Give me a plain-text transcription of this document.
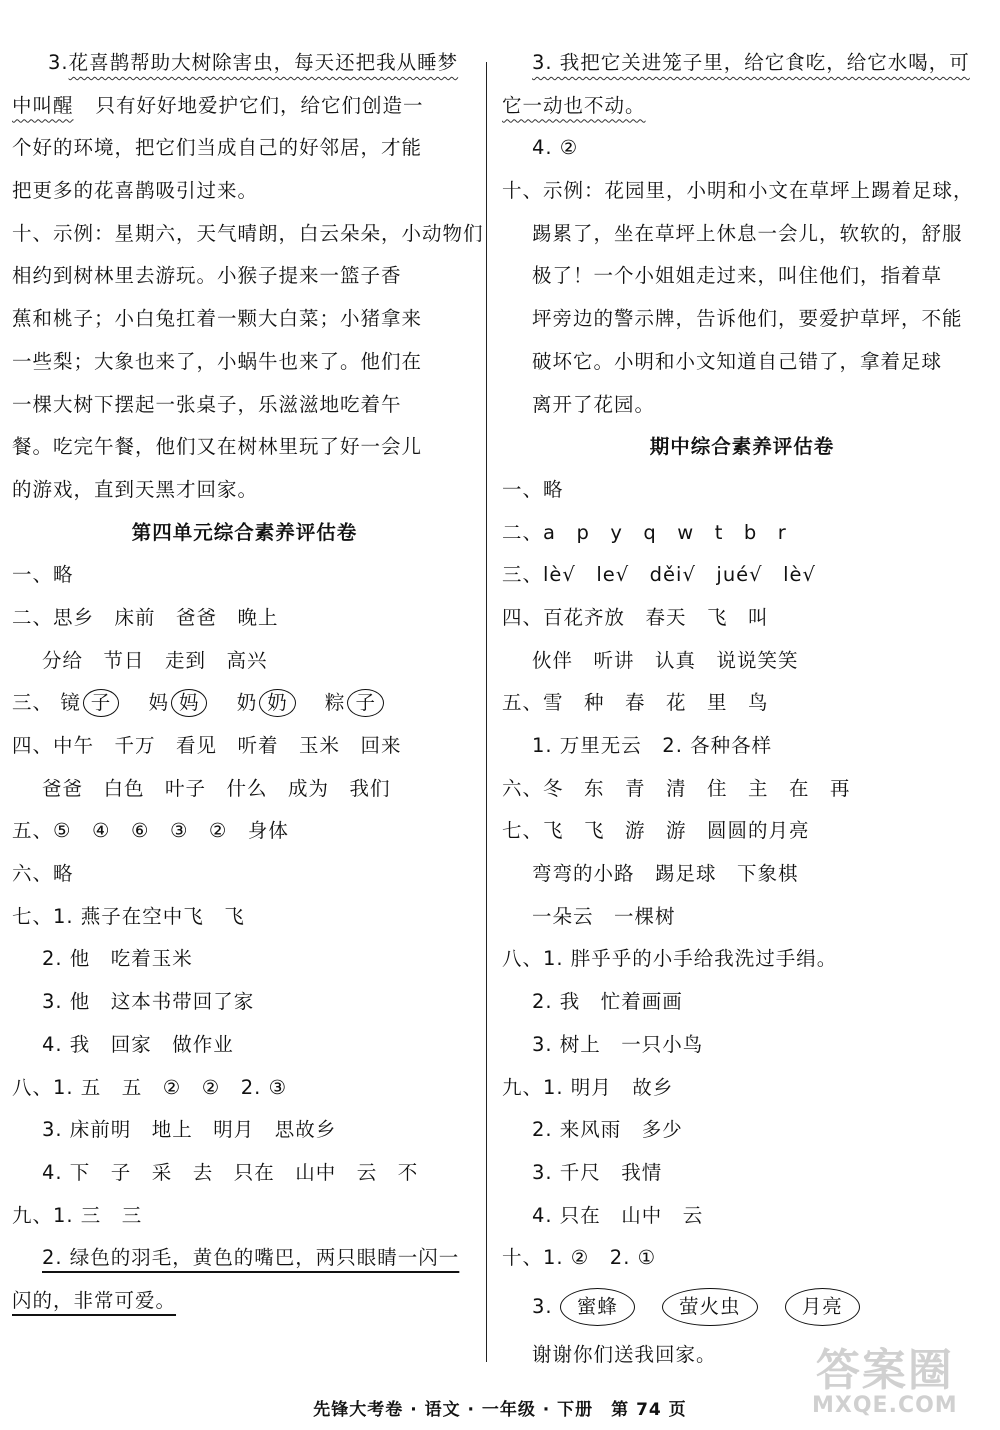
3.花喜鹊帮助大树除害虫，每天还把我从睡梦
中叫醒 只有好好地爱护它们，给它们创造一
个好的环境，把它们当成自己的好邻居，才能
把更多的花喜鹊吸引过来。
十、示例：星期六，天气晴朗，白云朵朵，小动物们
相约到树林里去游玩。小猴子提来一篮子香
蕉和桃子；小白兔扛着一颗大白菜；小猪拿来
一些梨；大象也来了，小蜗牛也来了。他们在
一棵大树下摆起一张桌子，乐滋滋地吃着午
餐。吃完午餐，他们又在树林里玩了好一会儿
的游戏，直到天黑才回家。
第四单元综合素养评估卷
一、略
二、思乡　床前　爸爸　晚上
分给　节日　走到　高兴
三、 镜 子 妈 妈 奶 奶 粽 子
四、中午　千万　看见　听着　玉米　回来
爸爸　白色　叶子　什么　成为　我们
五、⑤　④　⑥　③　②　身体
六、略
七、1. 燕子在空中飞　飞
2. 他　吃着玉米
3. 他　这本书带回了家
4. 我　回家　做作业
八、1. 五　五　②　②　2. ③
3. 床前明　地上　明月　思故乡
4. 下　子　采　去　只在　山中　云　不
九、1. 三　三
2. 绿色的羽毛，黄色的嘴巴，两只眼睛一闪一
闪的，非常可爱。
3. 我把它关进笼子里，给它食吃，给它水喝，可
它一动也不动。
4. ②
十、示例：花园里，小明和小文在草坪上踢着足球，
踢累了，坐在草坪上休息一会儿，软软的，舒服
极了！一个小姐姐走过来，叫住他们，指着草
坪旁边的警示牌，告诉他们，要爱护草坪，不能
破坏它。小明和小文知道自己错了，拿着足球
离开了花园。
期中综合素养评估卷
一、略
二、a　p　y　q　w　t　b　r
三、lè√　le√　děi√　jué√　lè√
四、百花齐放　春天　飞　叫
伙伴　听讲　认真　说说笑笑
五、雪　种　春　花　里　鸟
1. 万里无云　2. 各种各样
六、冬　东　青　清　住　主　在　再
七、飞　飞　游　游　圆圆的月亮
弯弯的小路　踢足球　下象棋
一朵云　一棵树
八、1. 胖乎乎的小手给我洗过手绢。
2. 我　忙着画画
3. 树上　一只小鸟
九、1. 明月　故乡
2. 来风雨　多少
3. 千尺　我情
4. 只在　山中　云
十、1. ②　2. ①
3. 蜜蜂	萤火虫	月亮
谢谢你们送我回家。
先锋大考卷 · 语文 · 一年级 · 下册　第 74 页
答案圈
MXQE.COM
